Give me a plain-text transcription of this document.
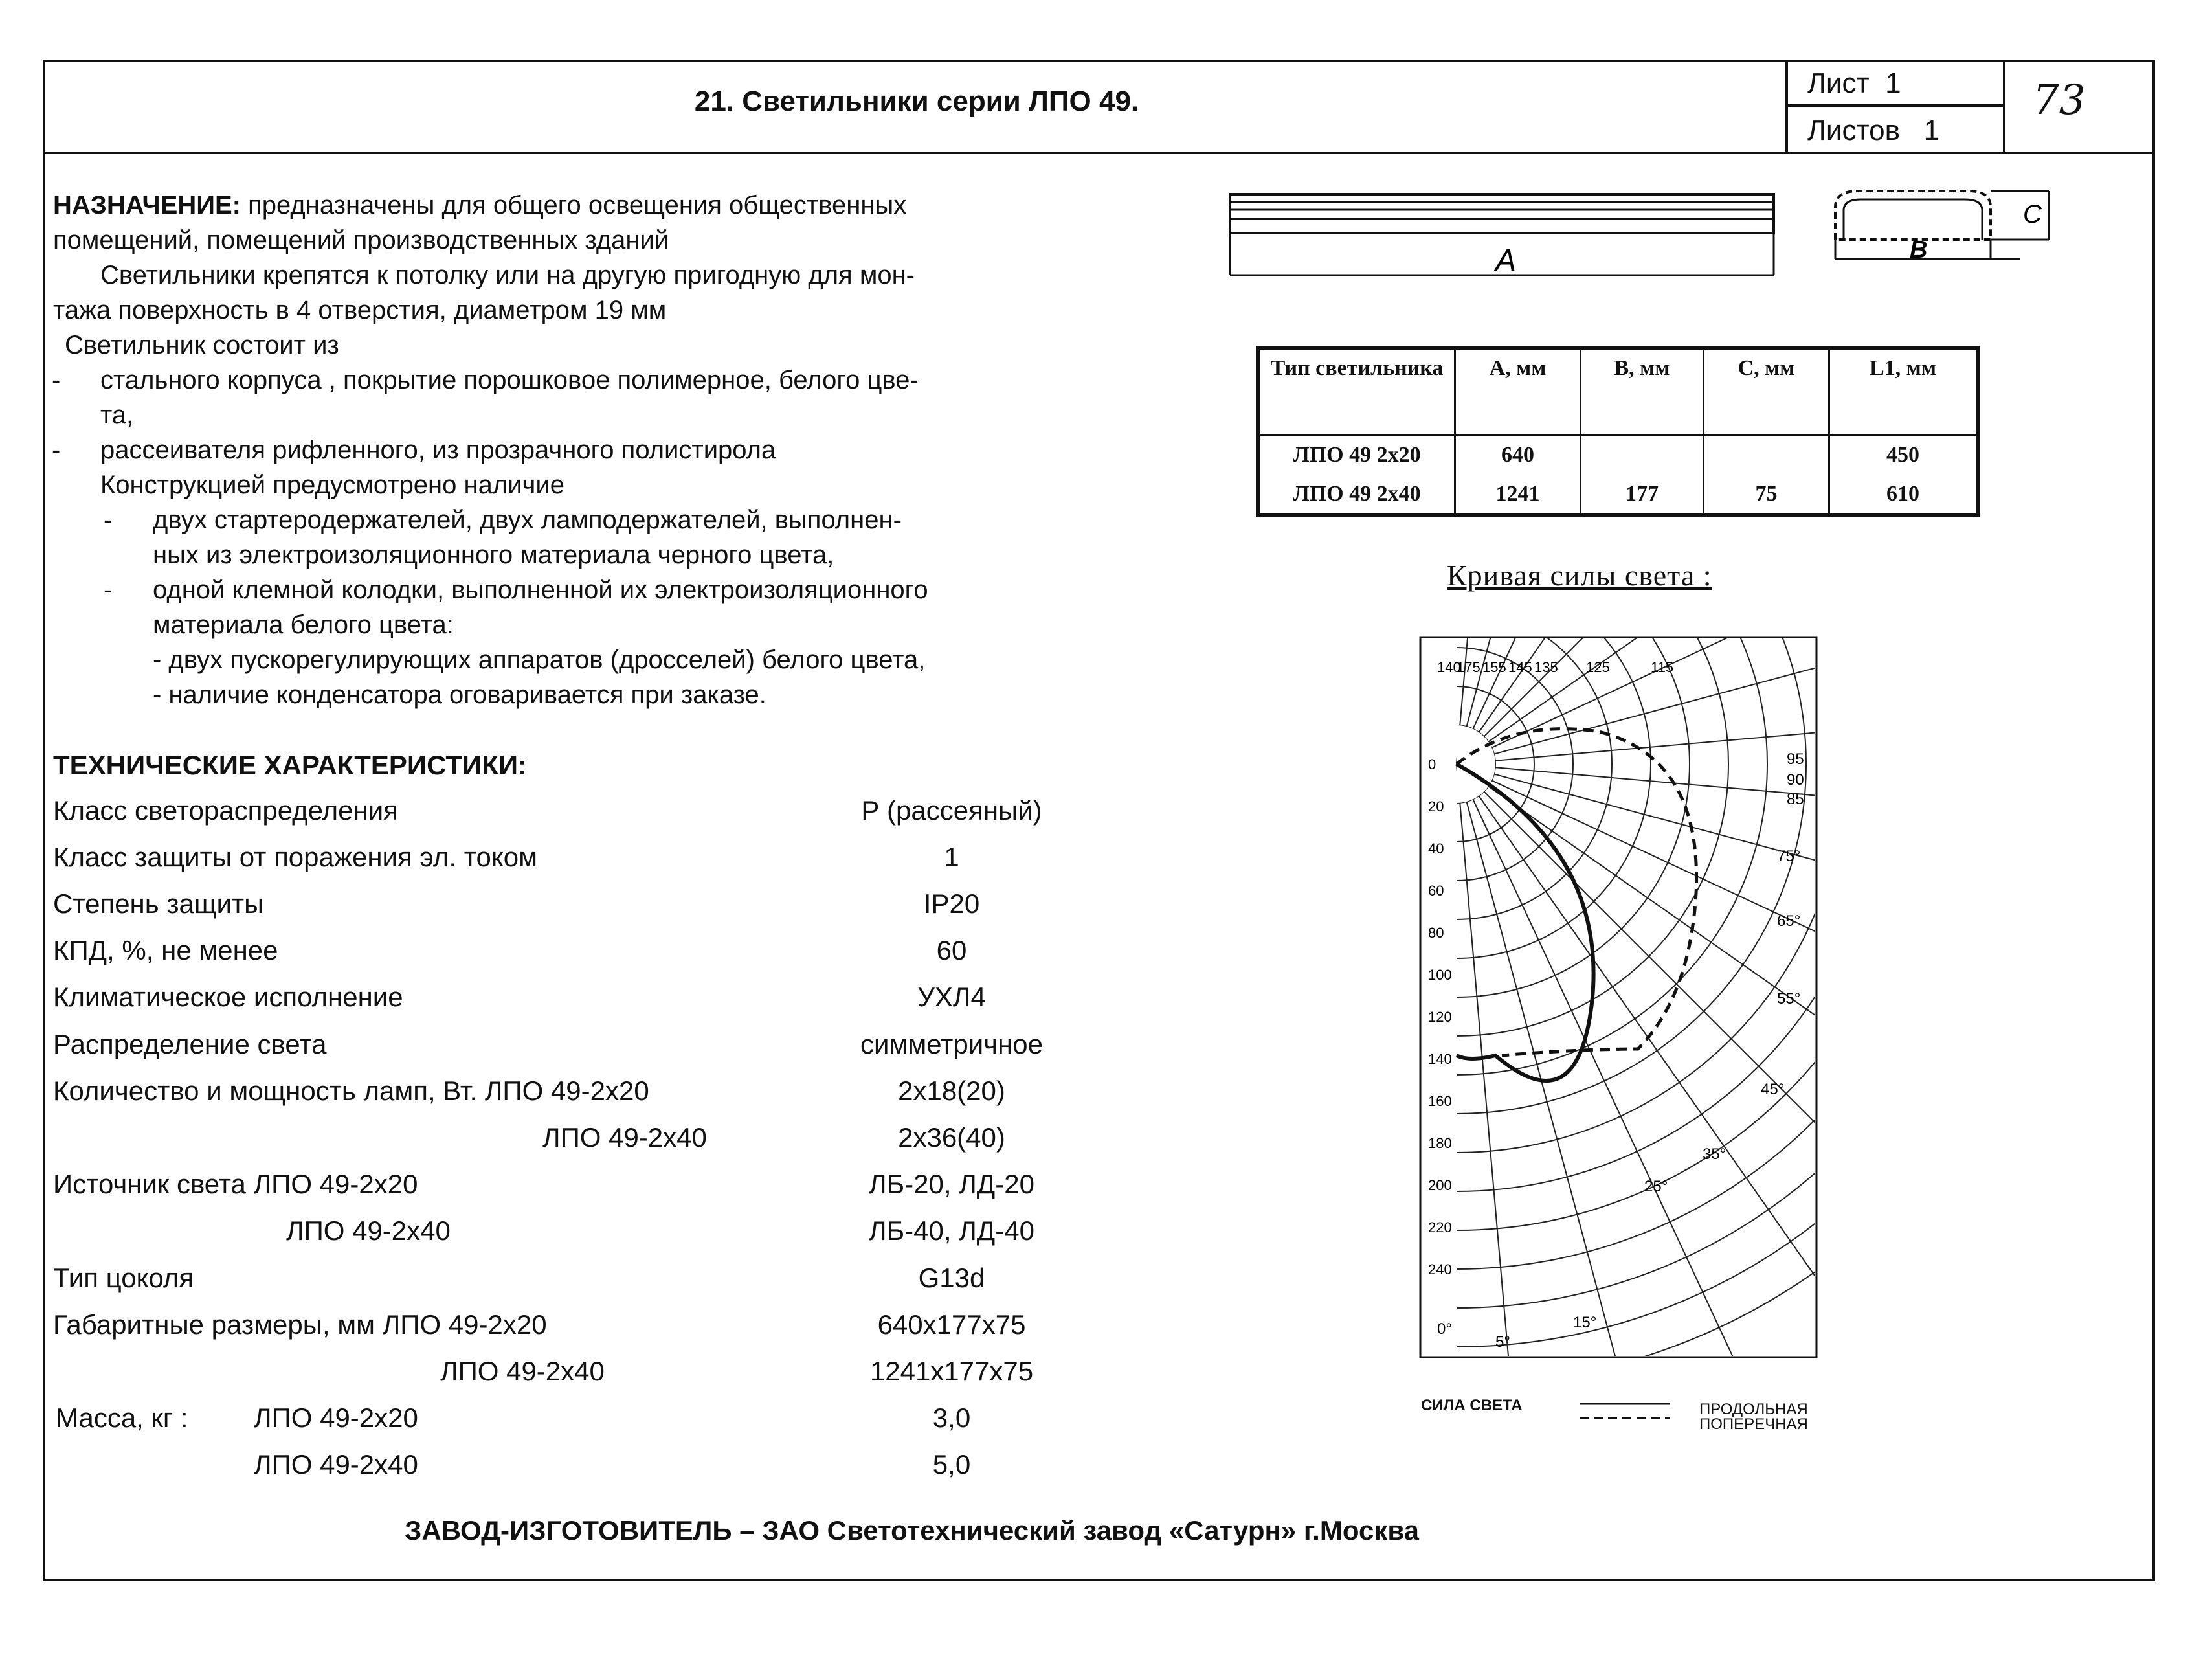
21. Светильники серии ЛПО 49.
Лист 1
Листов 1
73
НАЗНАЧЕНИЕ: предназначены для общего освещения общественных
помещений, помещений производственных зданий
Светильники крепятся к потолку или на другую пригодную для мон-
тажа поверхность в 4 отверстия, диаметром 19 мм
Светильник состоит из
- стального корпуса , покрытие порошковое полимерное, белого цве-
та,
- рассеивателя рифленного, из прозрачного полистирола
Конструкцией предусмотрено наличие
- двух стартеродержателей, двух ламподержателей, выполнен-
ных из электроизоляционного материала черного цвета,
- одной клемной колодки, выполненной их электроизоляционного
материала белого цвета:
- двух пускорегулирующих аппаратов (дросселей) белого цвета,
- наличие конденсатора оговаривается при заказе.
ТЕХНИЧЕСКИЕ ХАРАКТЕРИСТИКИ:
Класс светораспределения	Р (рассеяный)
Класс защиты от поражения эл. током	1
Степень защиты	IP20
КПД, %, не менее	60
Климатическое исполнение	УХЛ4
Распределение света	симметричное
Количество и мощность ламп, Вт. ЛПО 49-2х20	2х18(20)
ЛПО 49-2х40	2х36(40)
Источник света ЛПО 49-2х20	ЛБ-20, ЛД-20
ЛПО 49-2х40	ЛБ-40, ЛД-40
Тип цоколя	G13d
Габаритные размеры, мм ЛПО 49-2х20	640х177х75
ЛПО 49-2х40	1241х177х75
Масса, кг : ЛПО 49-2х20	3,0
ЛПО 49-2х40	5,0
А	В
С
Тип светильника	А, мм	В, мм	С, мм	L1, мм
ЛПО 49 2х20	640			450
ЛПО 49 2х40	1241	177	75	610
Кривая силы света :
140
175 155 145 135 125	115
95
90
85
75°
65°
55°
45°
35°
25°
15°
5°
0°
0
20
40
60
80
100
120
140
160
180
200
220
240
СИЛА СВЕТА	ПРОДОЛЬНАЯ
ПОПЕРЕЧНАЯ
ЗАВОД-ИЗГОТОВИТЕЛЬ – ЗАО Светотехнический завод «Сатурн» г.Москва
